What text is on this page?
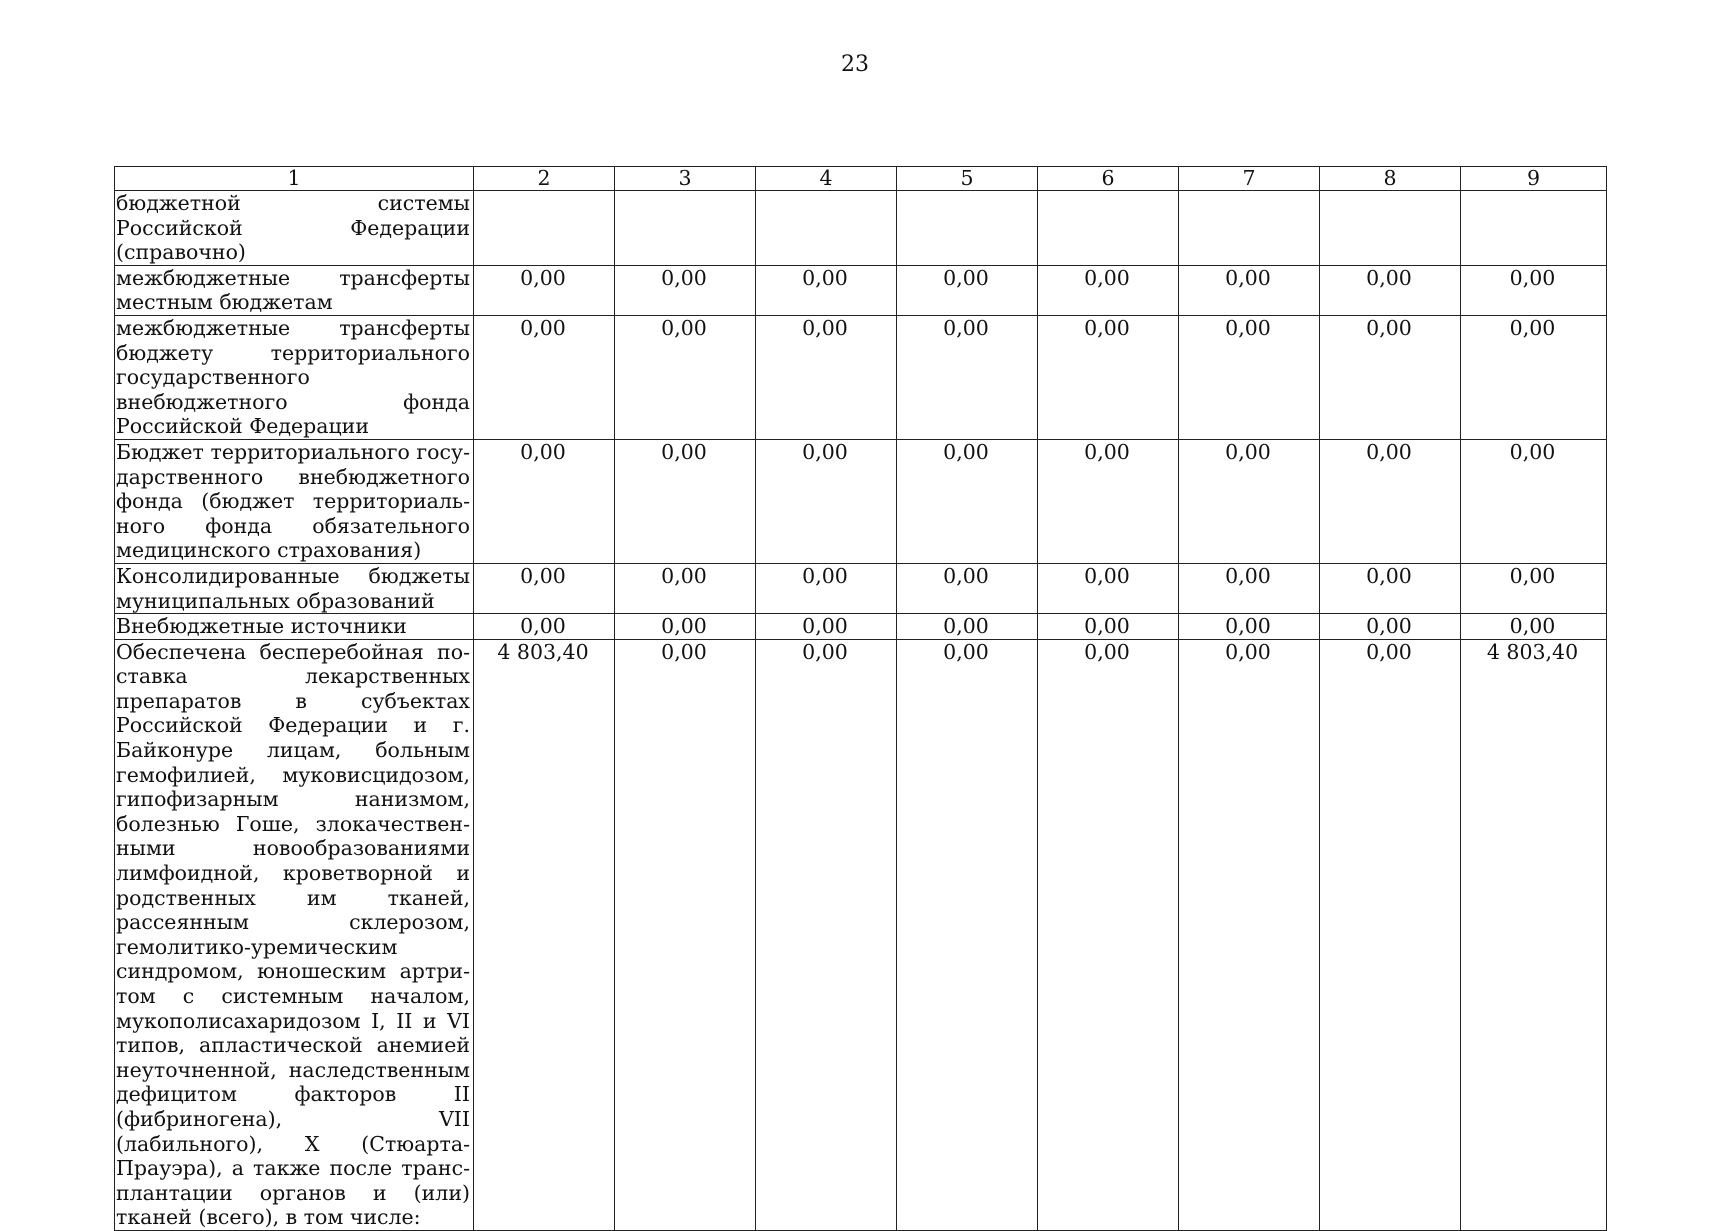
23
1	2	3	4	5	6	7	8	9
бюджетной системы Российской Федерации (справочно)								
межбюджетные трансферты местным бюджетам	0,00	0,00	0,00	0,00	0,00	0,00	0,00	0,00
межбюджетные трансферты бюджету территориального государственного внебюджетного фонда Российской Федерации	0,00	0,00	0,00	0,00	0,00	0,00	0,00	0,00
Бюджет территориального государственного внебюджетного фонда (бюджет территориального фонда обязательного медицинского страхования)	0,00	0,00	0,00	0,00	0,00	0,00	0,00	0,00
Консолидированные бюджеты муниципальных образований	0,00	0,00	0,00	0,00	0,00	0,00	0,00	0,00
Внебюджетные источники	0,00	0,00	0,00	0,00	0,00	0,00	0,00	0,00
Обеспечена бесперебойная поставка лекарственных препаратов в субъектах Российской Федерации и г. Байконуре лицам, больным гемофилией, муковисцидозом, гипофизарным нанизмом, болезнью Гоше, злокачественными новообразованиями лимфоидной, кроветворной и родственных им тканей, рассеянным склерозом, гемолитико-уремическим синдромом, юношеским артритом с системным началом, мукополисахаридозом I, II и VI типов, апластической анемией неуточненной, наследственным дефицитом факторов II (фибриногена), VII (лабильного), X (Стюарта-Прауэра), а также после трансплантации органов и (или) тканей (всего), в том числе:	4 803,40	0,00	0,00	0,00	0,00	0,00	0,00	4 803,40
